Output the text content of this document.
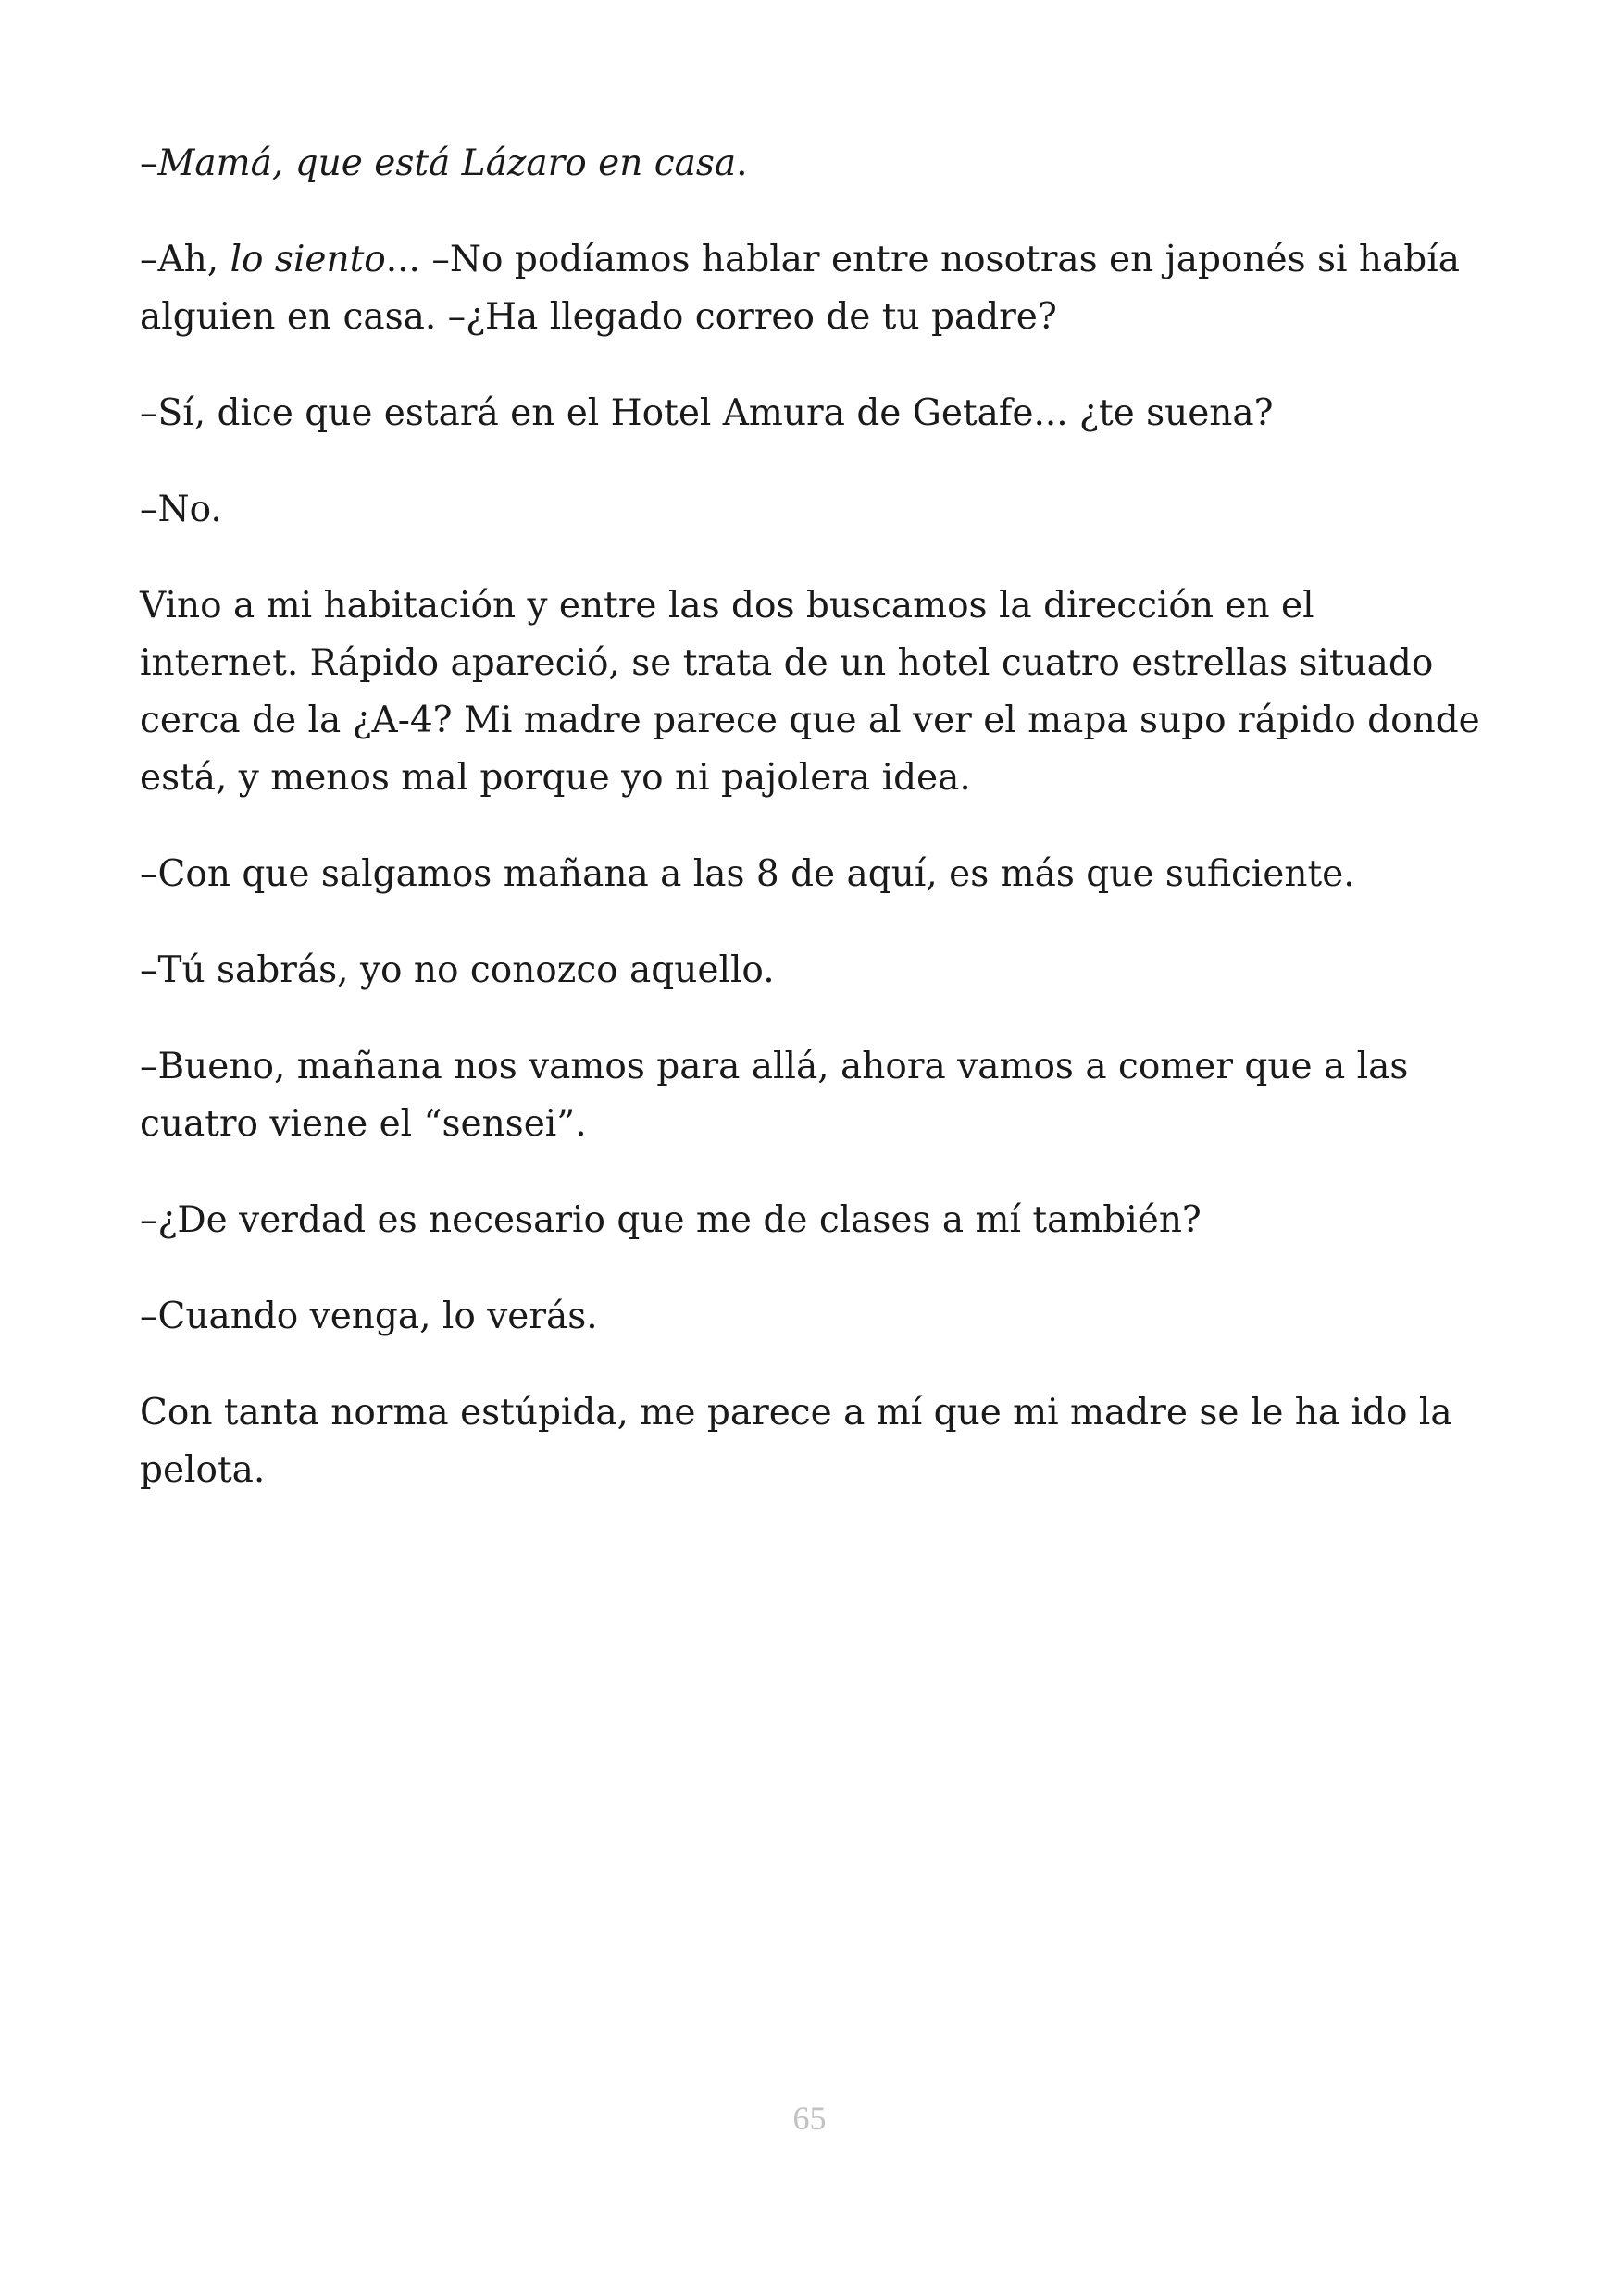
–Mamá, que está Lázaro en casa.

–Ah, lo siento... –No podíamos hablar entre nosotras en japonés si había alguien en casa. –¿Ha llegado correo de tu padre?

–Sí, dice que estará en el Hotel Amura de Getafe... ¿te suena?

–No.

Vino a mi habitación y entre las dos buscamos la dirección en el internet. Rápido apareció, se trata de un hotel cuatro estrellas situado cerca de la ¿A-4? Mi madre parece que al ver el mapa supo rápido donde está, y menos mal porque yo ni pajolera idea.

–Con que salgamos mañana a las 8 de aquí, es más que suficiente.

–Tú sabrás, yo no conozco aquello.

–Bueno, mañana nos vamos para allá, ahora vamos a comer que a las cuatro viene el “sensei”.

–¿De verdad es necesario que me de clases a mí también?

–Cuando venga, lo verás.

Con tanta norma estúpida, me parece a mí que mi madre se le ha ido la pelota.

65
